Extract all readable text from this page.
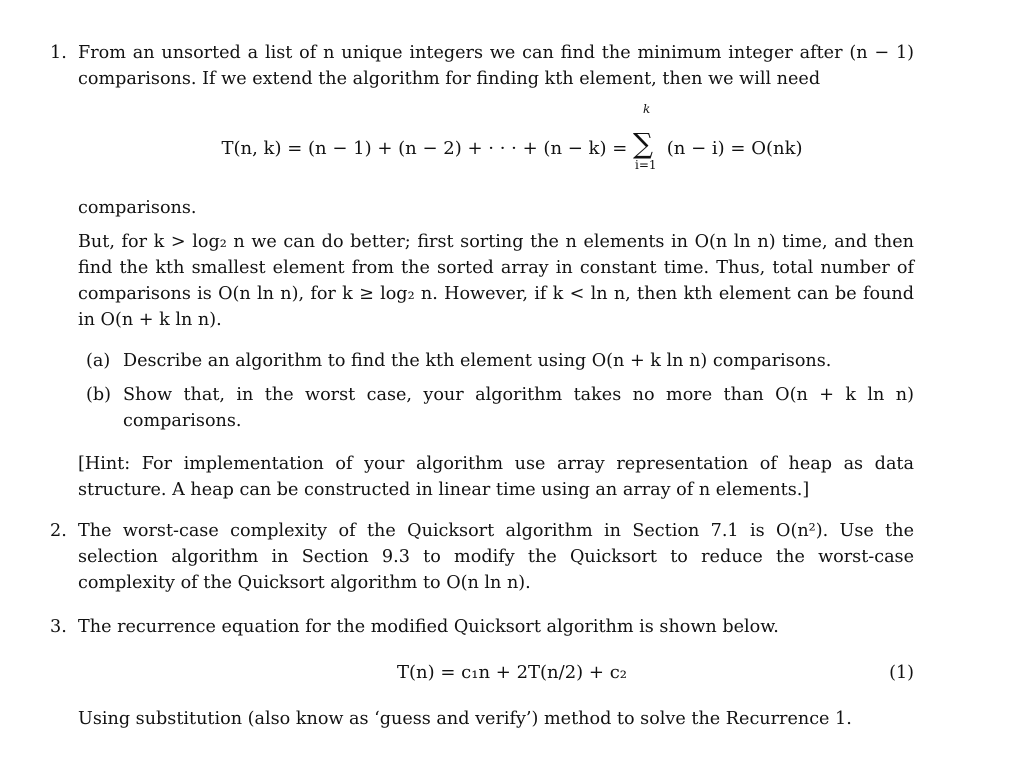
1. From an unsorted a list of n unique integers we can find the minimum integer after (n − 1) comparisons. If we extend the algorithm for finding kth element, then we will need

T(n, k) = (n − 1) + (n − 2) + · · · + (n − k) =
k
∑
i=1
(n − i) = O(nk)

comparisons.

But, for k > log₂ n we can do better; first sorting the n elements in O(n ln n) time, and then find the kth smallest element from the sorted array in constant time. Thus, total number of comparisons is O(n ln n), for k ≥ log₂ n. However, if k < ln n, then kth element can be found in O(n + k ln n).

(a) Describe an algorithm to find the kth element using O(n + k ln n) comparisons.

(b) Show that, in the worst case, your algorithm takes no more than O(n + k ln n) comparisons.

[Hint: For implementation of your algorithm use array representation of heap as data structure. A heap can be constructed in linear time using an array of n elements.]

2. The worst-case complexity of the Quicksort algorithm in Section 7.1 is O(n²). Use the selection algorithm in Section 9.3 to modify the Quicksort to reduce the worst-case complexity of the Quicksort algorithm to O(n ln n).

3. The recurrence equation for the modified Quicksort algorithm is shown below.

T(n) = c₁n + 2T(n/2) + c₂	(1)

Using substitution (also know as ‘guess and verify’) method to solve the Recurrence 1.
